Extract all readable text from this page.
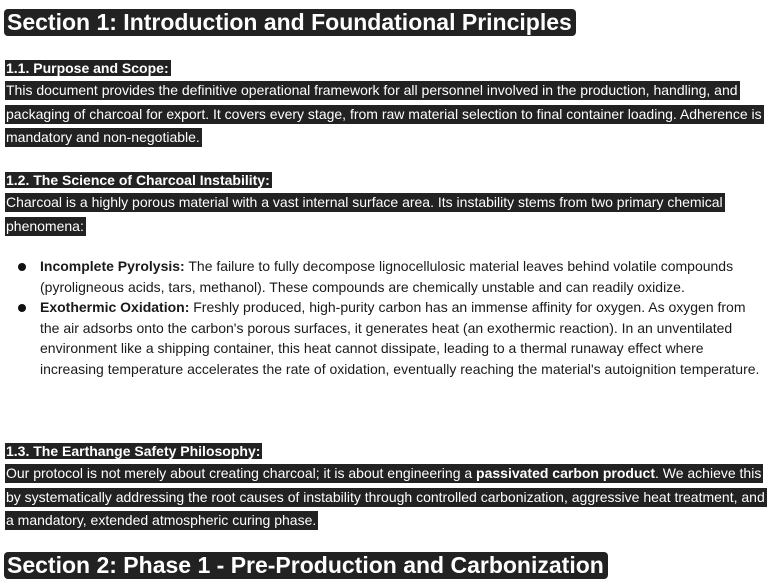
Section 1: Introduction and Foundational Principles
1.1. Purpose and Scope:

This document provides the definitive operational framework for all personnel involved in the production, handling, and packaging of charcoal for export. It covers every stage, from raw material selection to final container loading. Adherence is mandatory and non-negotiable.

1.2. The Science of Charcoal Instability:

Charcoal is a highly porous material with a vast internal surface area. Its instability stems from two primary chemical phenomena:

Incomplete Pyrolysis: The failure to fully decompose lignocellulosic material leaves behind volatile compounds (pyroligneous acids, tars, methanol). These compounds are chemically unstable and can readily oxidize.
Exothermic Oxidation: Freshly produced, high-purity carbon has an immense affinity for oxygen. As oxygen from the air adsorbs onto the carbon's porous surfaces, it generates heat (an exothermic reaction). In an unventilated environment like a shipping container, this heat cannot dissipate, leading to a thermal runaway effect where increasing temperature accelerates the rate of oxidation, eventually reaching the material's autoignition temperature.
1.3. The Earthange Safety Philosophy:

Our protocol is not merely about creating charcoal; it is about engineering a passivated carbon product. We achieve this by systematically addressing the root causes of instability through controlled carbonization, aggressive heat treatment, and a mandatory, extended atmospheric curing phase.

Section 2: Phase 1 - Pre-Production and Carbonization
